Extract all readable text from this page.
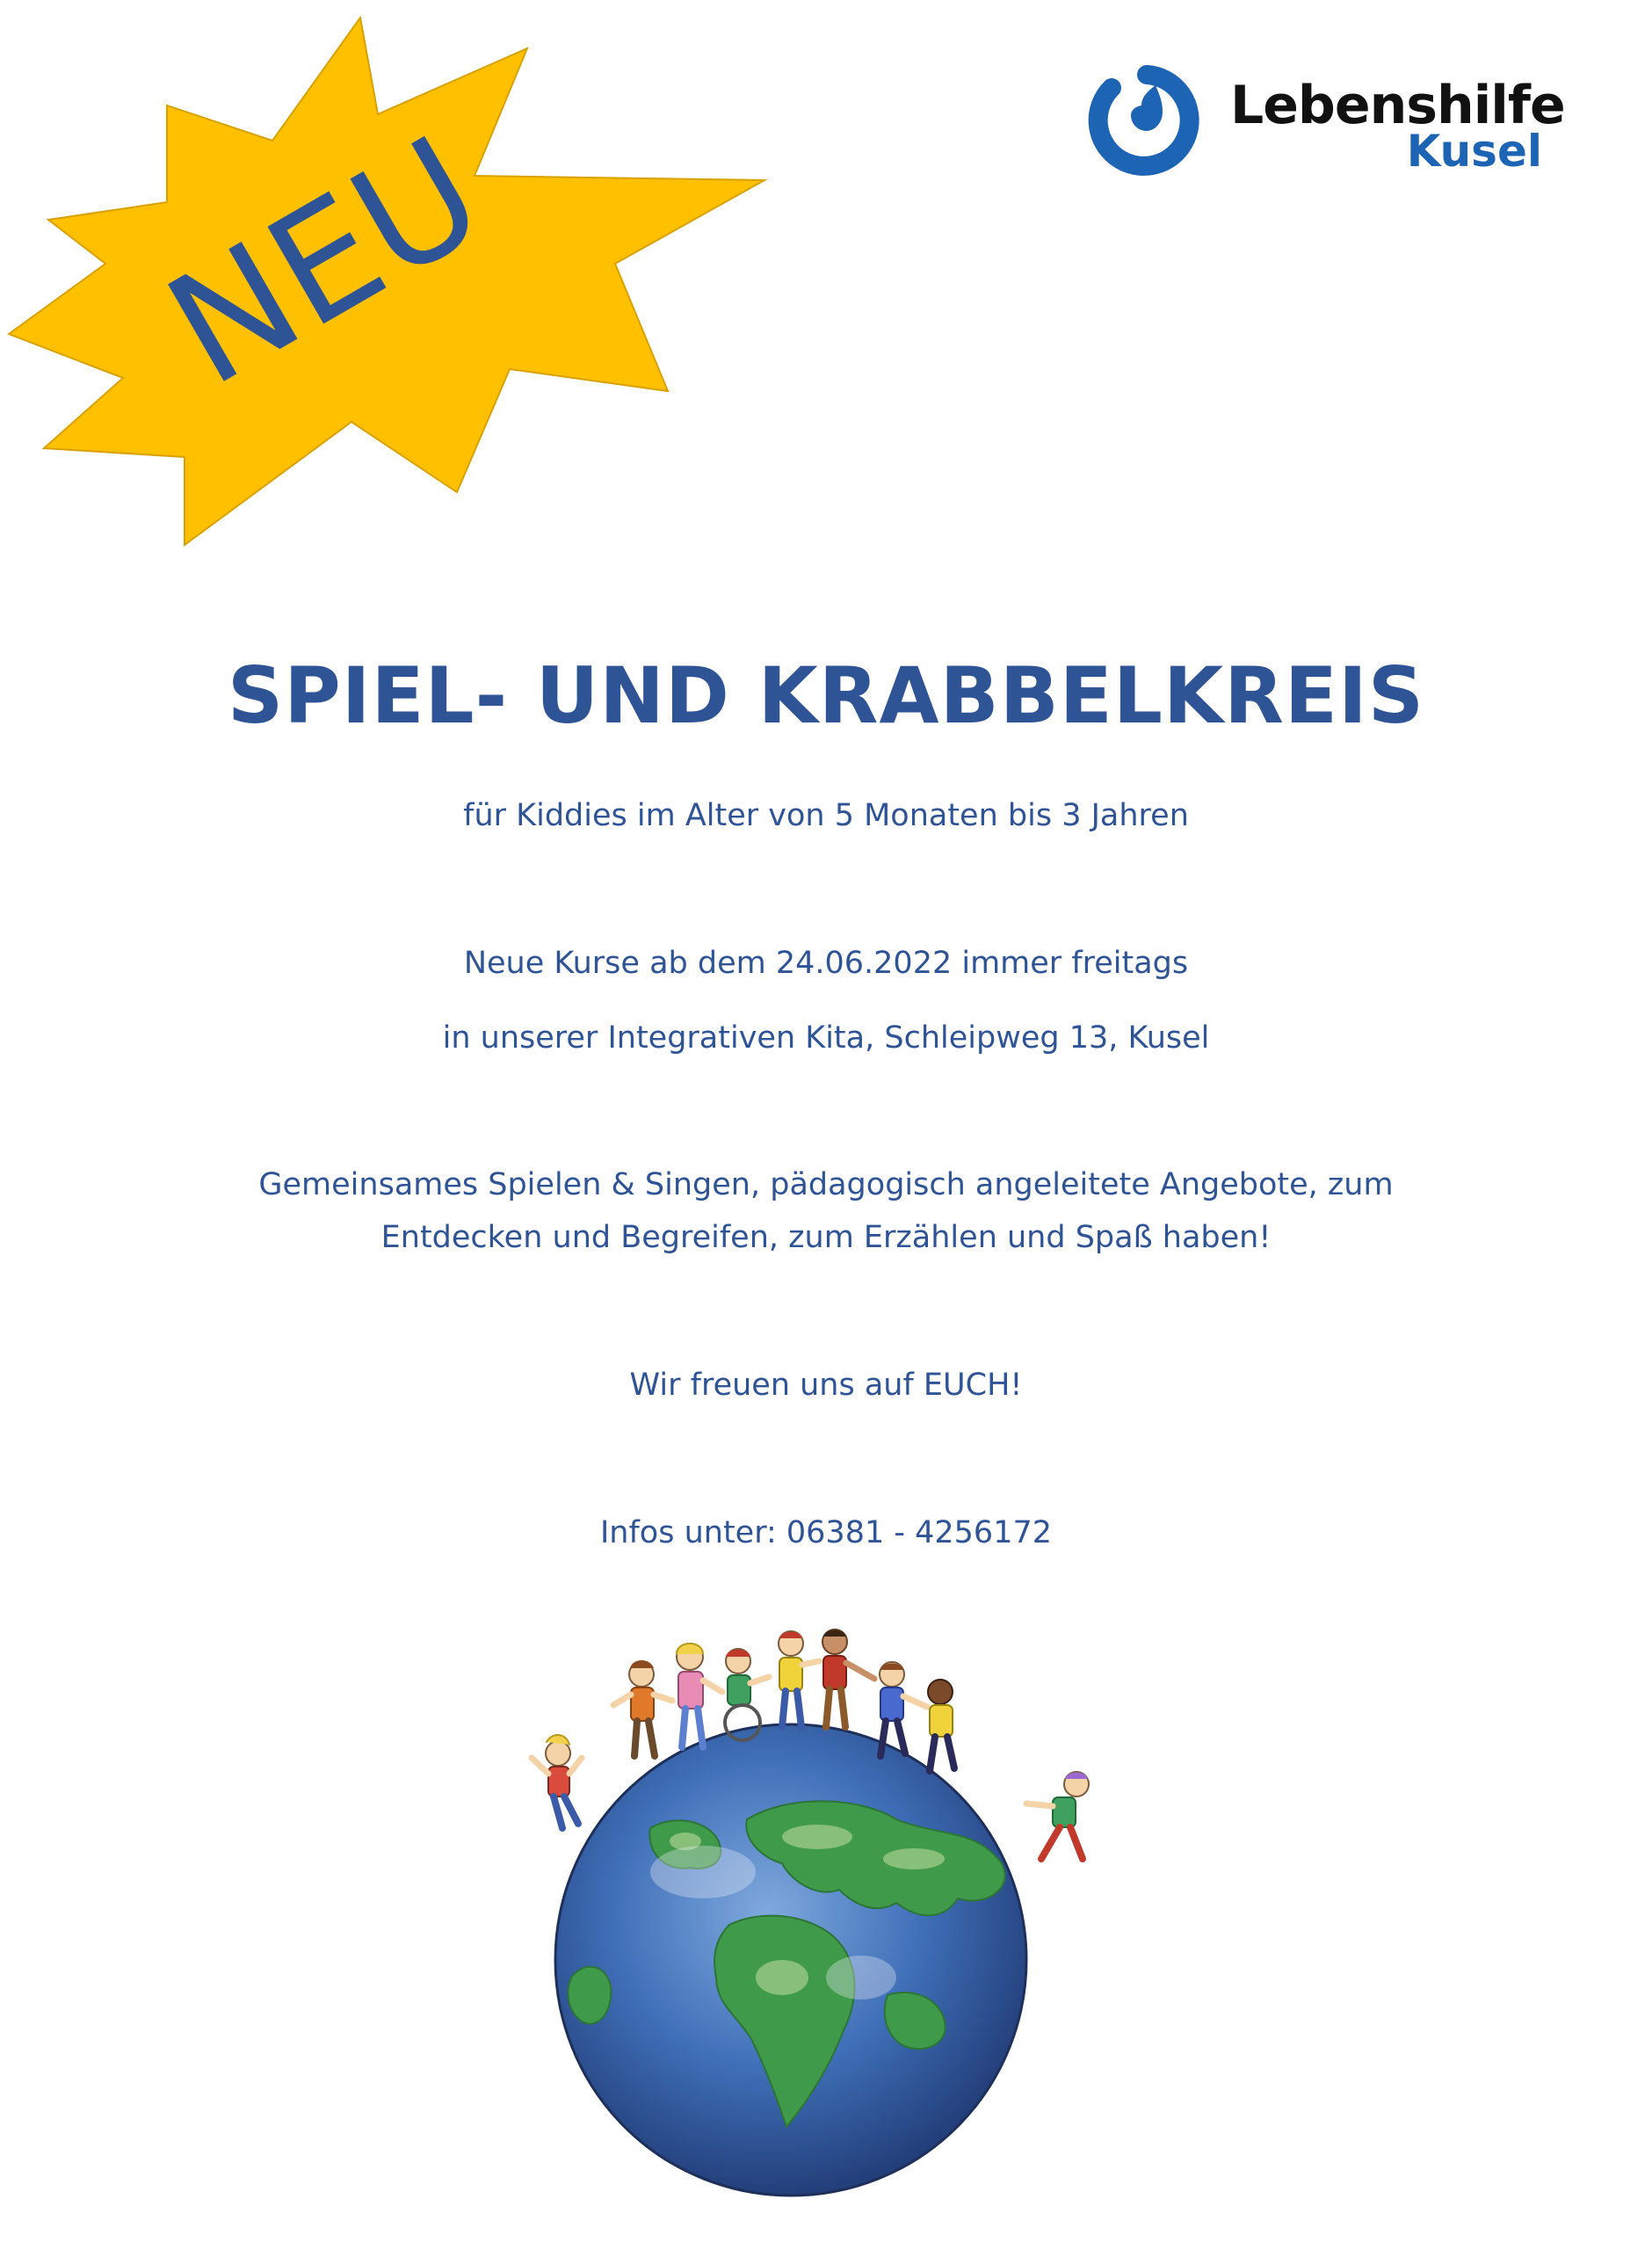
NEU	Lebenshilfe
Kusel
SPIEL- UND KRABBELKREIS
für Kiddies im Alter von 5 Monaten bis 3 Jahren
Neue Kurse ab dem 24.06.2022 immer freitags
in unserer Integrativen Kita, Schleipweg 13, Kusel
Gemeinsames Spielen & Singen, pädagogisch angeleitete Angebote, zum
Entdecken und Begreifen, zum Erzählen und Spaß haben!
Wir freuen uns auf EUCH!
Infos unter: 06381 - 4256172
